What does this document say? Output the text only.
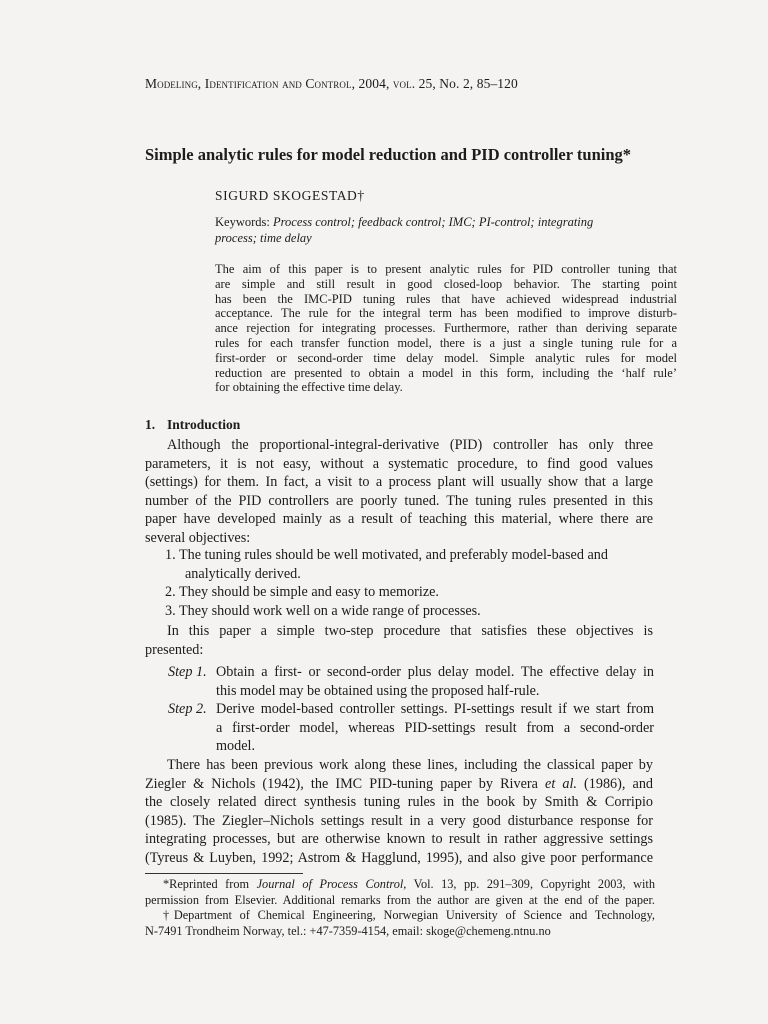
Modeling, Identification and Control, 2004, vol. 25, No. 2, 85–120
Simple analytic rules for model reduction and PID controller tuning*
SIGURD SKOGESTAD†
Keywords: Process control; feedback control; IMC; PI-control; integrating
process; time delay
The aim of this paper is to present analytic rules for PID controller tuning that
are simple and still result in good closed-loop behavior. The starting point
has been the IMC-PID tuning rules that have achieved widespread industrial
acceptance. The rule for the integral term has been modified to improve disturb-
ance rejection for integrating processes. Furthermore, rather than deriving separate
rules for each transfer function model, there is a just a single tuning rule for a
first-order or second-order time delay model. Simple analytic rules for model
reduction are presented to obtain a model in this form, including the ‘half rule’
for obtaining the effective time delay.
1. Introduction
Although the proportional-integral-derivative (PID) controller has only three
parameters, it is not easy, without a systematic procedure, to find good values
(settings) for them. In fact, a visit to a process plant will usually show that a large
number of the PID controllers are poorly tuned. The tuning rules presented in this
paper have developed mainly as a result of teaching this material, where there are
several objectives:
1. The tuning rules should be well motivated, and preferably model-based and
analytically derived.
2. They should be simple and easy to memorize.
3. They should work well on a wide range of processes.
In this paper a simple two-step procedure that satisfies these objectives is
presented:
Step 1. Obtain a first- or second-order plus delay model. The effective delay in
this model may be obtained using the proposed half-rule.
Step 2. Derive model-based controller settings. PI-settings result if we start from
a first-order model, whereas PID-settings result from a second-order
model.
There has been previous work along these lines, including the classical paper by
Ziegler & Nichols (1942), the IMC PID-tuning paper by Rivera et al. (1986), and
the closely related direct synthesis tuning rules in the book by Smith & Corripio
(1985). The Ziegler–Nichols settings result in a very good disturbance response for
integrating processes, but are otherwise known to result in rather aggressive settings
(Tyreus & Luyben, 1992; Astrom & Hagglund, 1995), and also give poor performance
*Reprinted from Journal of Process Control, Vol. 13, pp. 291–309, Copyright 2003, with
permission from Elsevier. Additional remarks from the author are given at the end of the paper.
†Department of Chemical Engineering, Norwegian University of Science and Technology,
N-7491 Trondheim Norway, tel.: +47-7359-4154, email: skoge@chemeng.ntnu.no
